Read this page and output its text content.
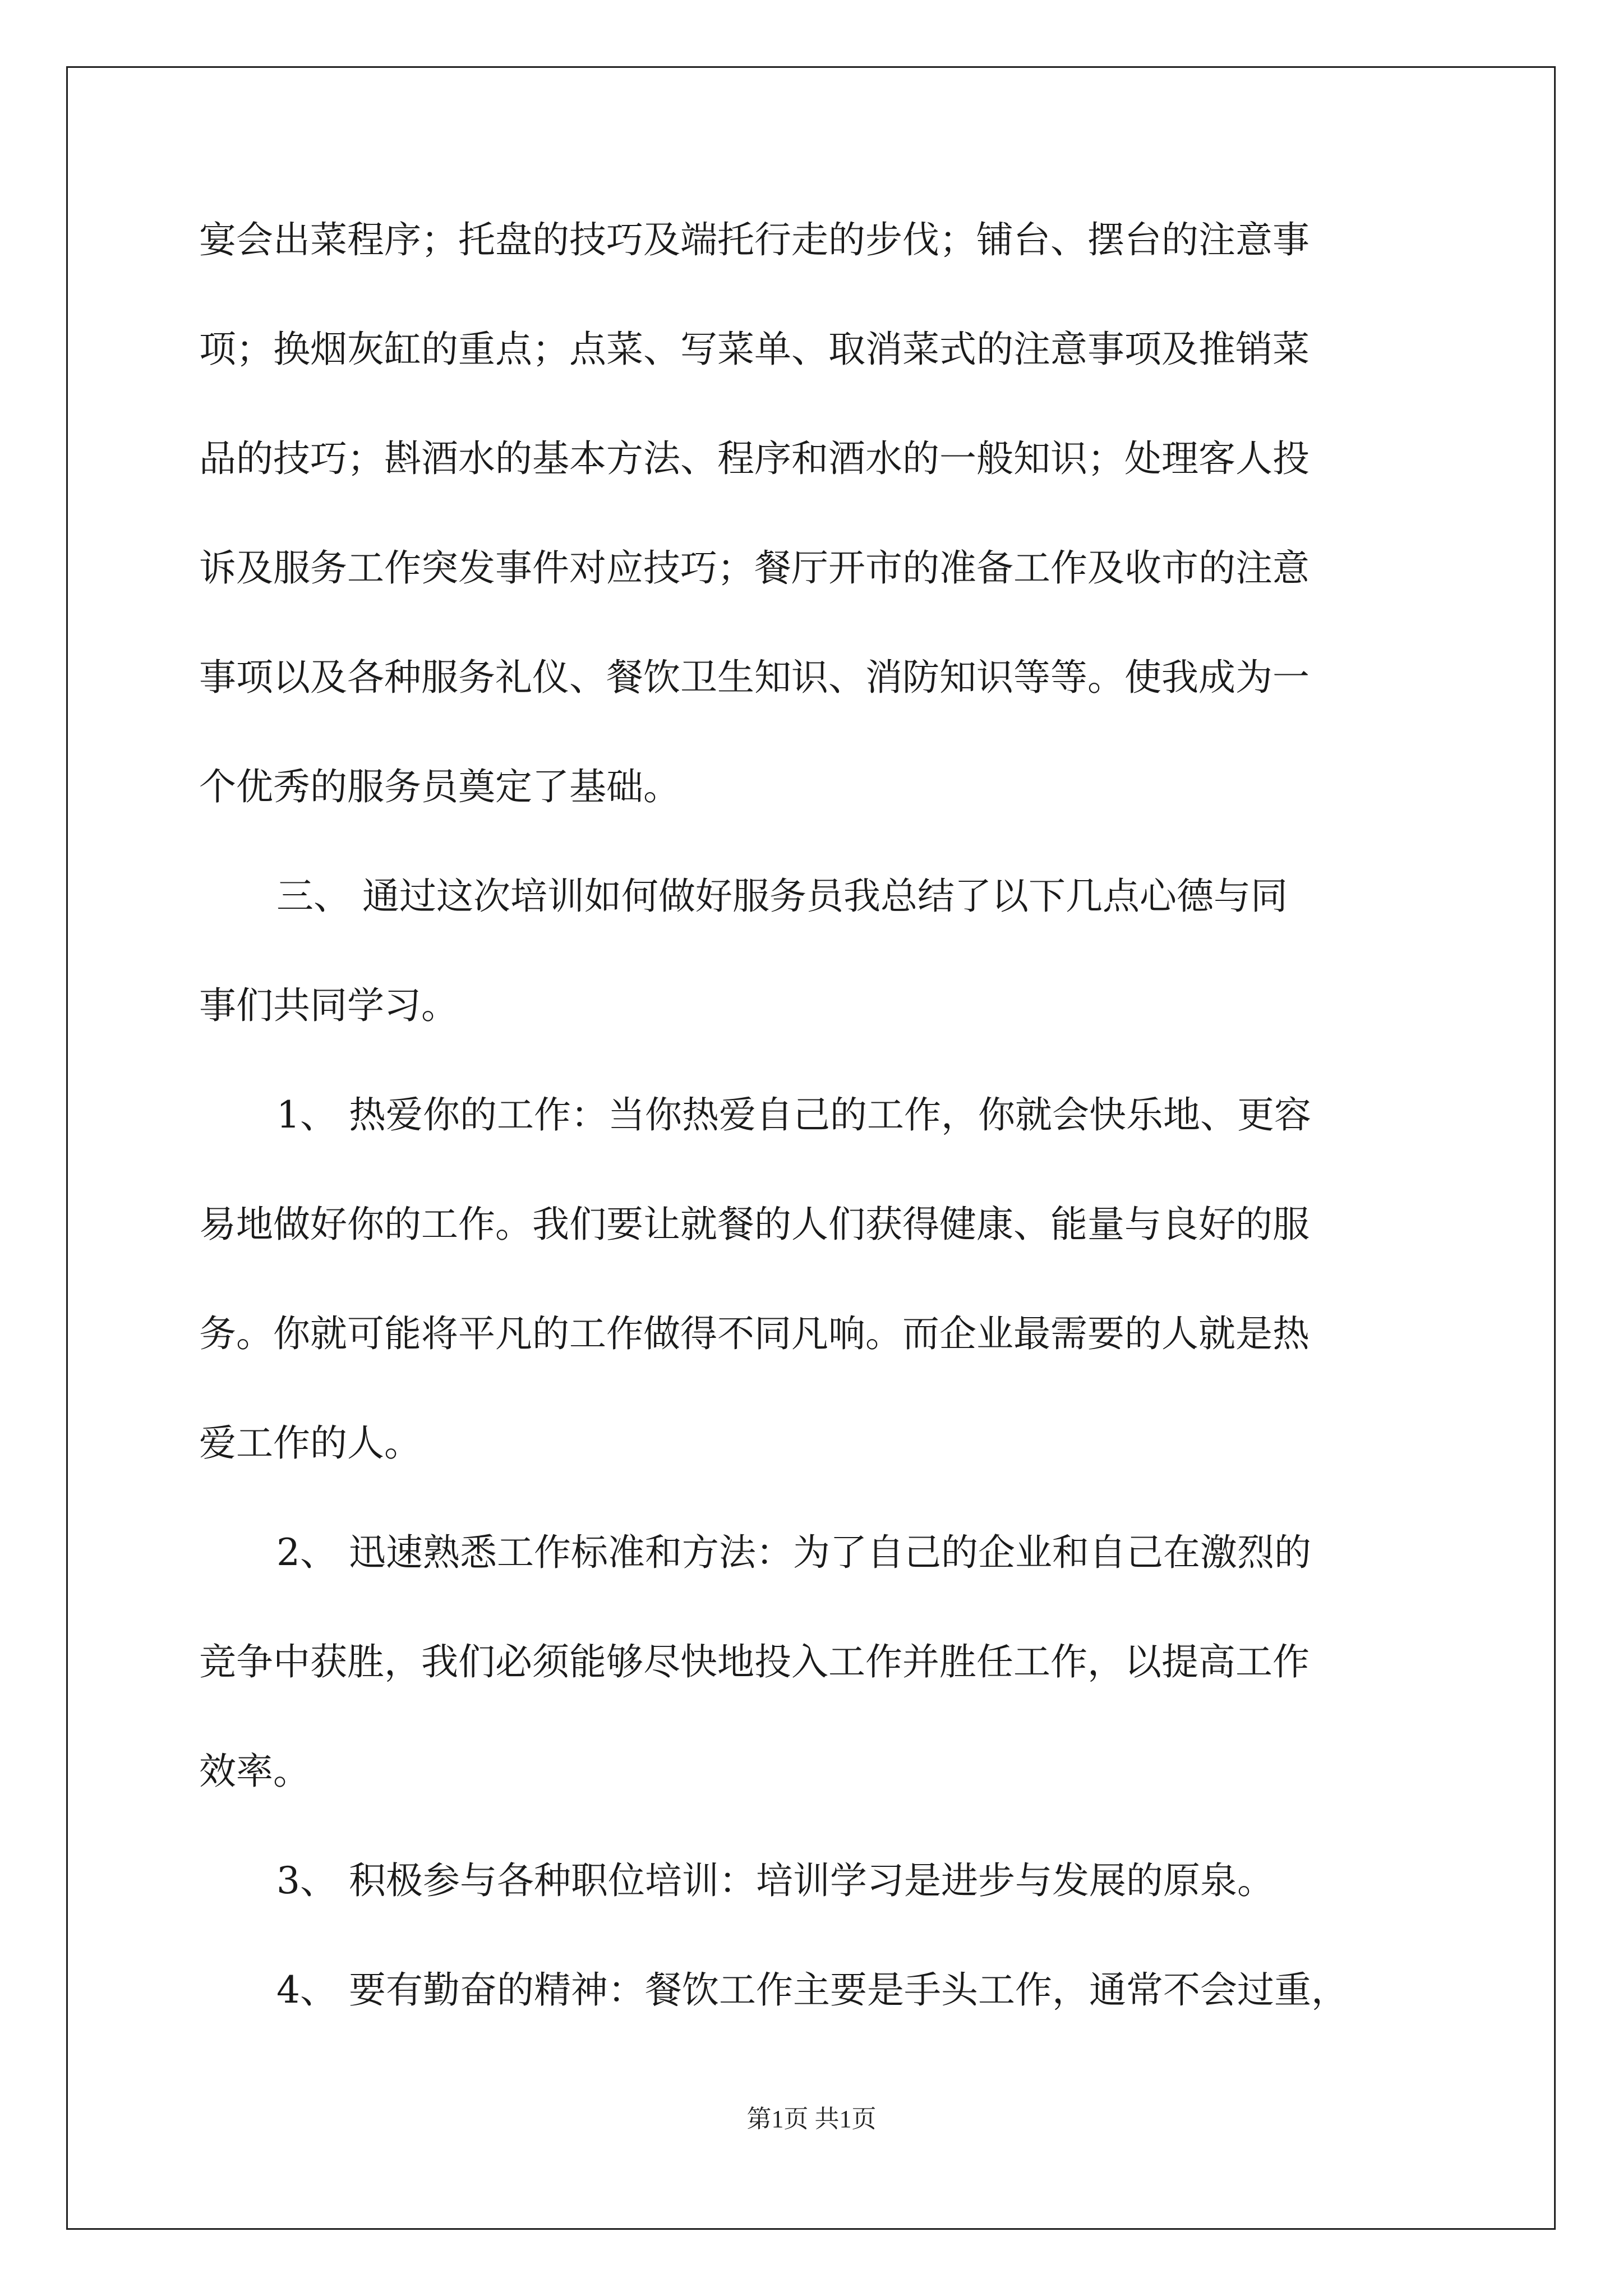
宴会出菜程序；托盘的技巧及端托行走的步伐；铺台、摆台的注意事
项；换烟灰缸的重点；点菜、写菜单、取消菜式的注意事项及推销菜
品的技巧；斟酒水的基本方法、程序和酒水的一般知识；处理客人投
诉及服务工作突发事件对应技巧；餐厅开市的准备工作及收市的注意
事项以及各种服务礼仪、餐饮卫生知识、消防知识等等。使我成为一
个优秀的服务员奠定了基础。
三、 通过这次培训如何做好服务员我总结了以下几点心德与同
事们共同学习。
1、 热爱你的工作：当你热爱自己的工作，你就会快乐地、更容
易地做好你的工作。我们要让就餐的人们获得健康、能量与良好的服
务。你就可能将平凡的工作做得不同凡响。而企业最需要的人就是热
爱工作的人。
2、 迅速熟悉工作标准和方法：为了自己的企业和自己在激烈的
竞争中获胜，我们必须能够尽快地投入工作并胜任工作，以提高工作
效率。
3、 积极参与各种职位培训：培训学习是进步与发展的原泉。
4、 要有勤奋的精神：餐饮工作主要是手头工作，通常不会过重，
第1页 共1页
